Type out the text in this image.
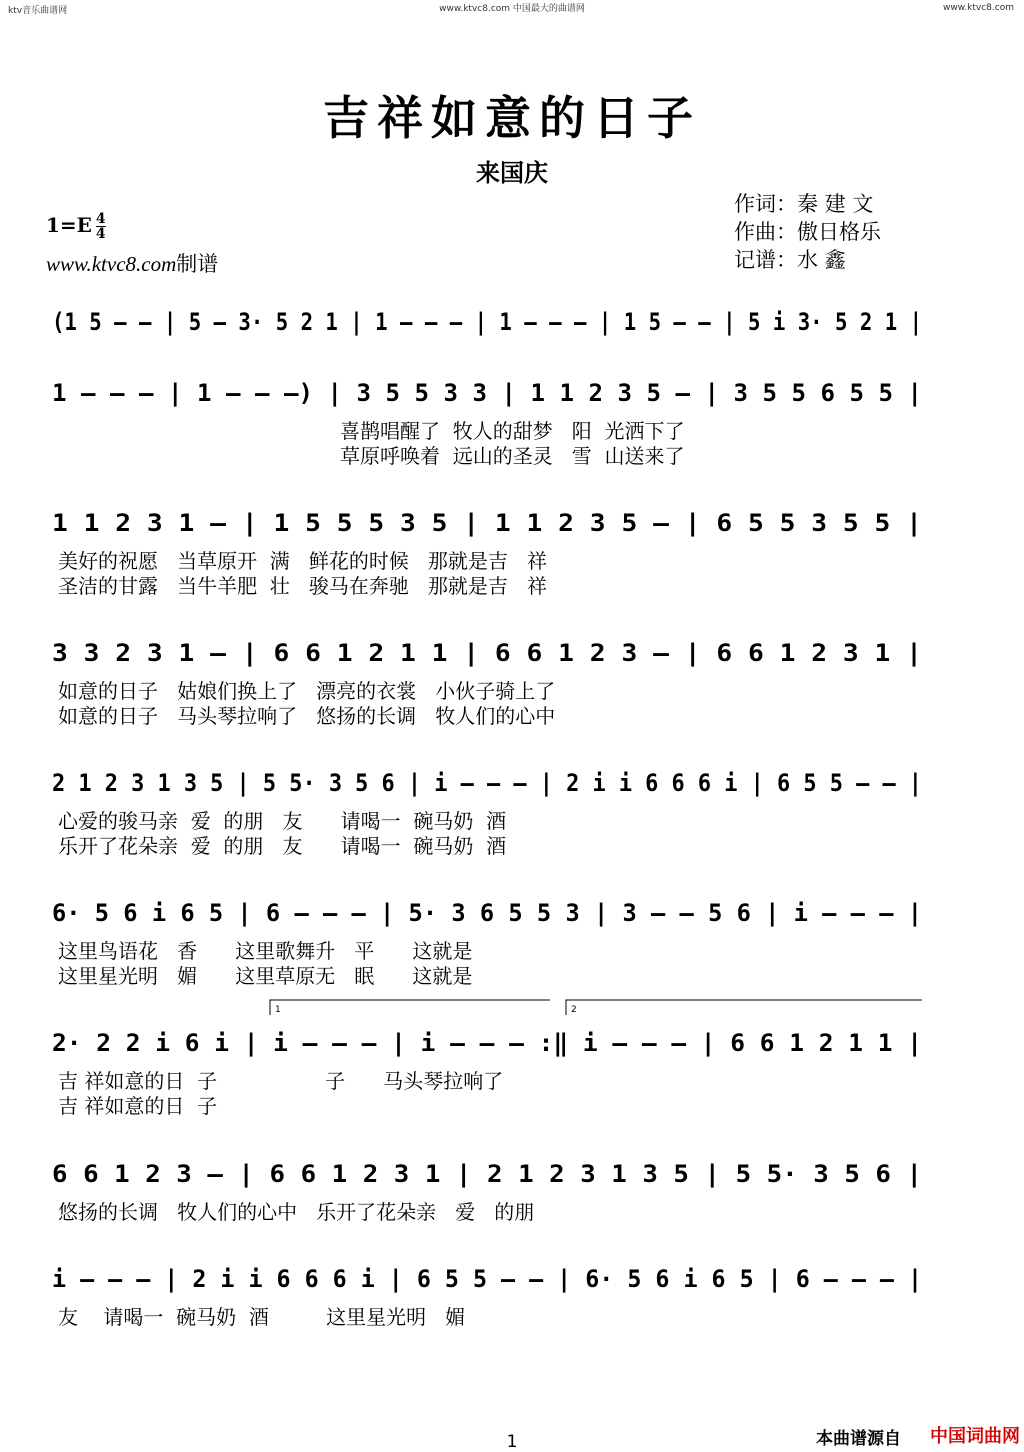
ktv音乐曲谱网	www.ktvc8.com 中国最大的曲谱网	www.ktvc8.com
吉祥如意的日子
来国庆
作词：秦 建 文
作曲：傲日格乐
记谱：水 鑫
$1=E \frac{4}{4}$
www.ktvc8.com制谱
(1 5 – – | 5 – 3· 5 2 1 | 1 – – – | 1 – – – | 1 5 – – | 5 i 3· 5 2 1 |
1 – – – | 1 – – –) | 3 5 5 3 3 | 1 1 2 3 5 – | 3 5 5 6 5 5 |
喜鹊唱醒了  牧人的甜梦   阳  光洒下了
草原呼唤着  远山的圣灵   雪  山送来了
1 1 2 3 1 – | 1 5 5 5 3 5 | 1 1 2 3 5 – | 6 5 5 3 5 5 |
美好的祝愿   当草原开  满   鲜花的时候   那就是吉   祥
圣洁的甘露   当牛羊肥  壮   骏马在奔驰   那就是吉   祥
3 3 2 3 1 – | 6 6 1 2 1 1 | 6 6 1 2 3 – | 6 6 1 2 3 1 |
如意的日子   姑娘们换上了   漂亮的衣裳   小伙子骑上了
如意的日子   马头琴拉响了   悠扬的长调   牧人们的心中
2 1 2 3 1 3 5 | 5 5· 3 5 6 | i – – – | 2 i i 6 6 6 i | 6 5 5 – – |
心爱的骏马亲  爱  的朋   友      请喝一  碗马奶  酒
乐开了花朵亲  爱  的朋   友      请喝一  碗马奶  酒
6· 5 6 i 6 5 | 6 – – – | 5· 3 6 5 5 3 | 3 – – 5 6 | i – – – |
这里鸟语花   香      这里歌舞升   平      这就是
这里星光明   媚      这里草原无   眠      这就是
2· 2 2 i 6 i | i – – – | i – – – :‖ i – – – | 6 6 1 2 1 1 |
吉 祥如意的日  子                 子      马头琴拉响了
吉 祥如意的日  子
6 6 1 2 3 – | 6 6 1 2 3 1 | 2 1 2 3 1 3 5 | 5 5· 3 5 6 |
悠扬的长调   牧人们的心中   乐开了花朵亲   爱   的朋
i – – – | 2 i i 6 6 6 i | 6 5 5 – – | 6· 5 6 i 6 5 | 6 – – – |
友    请喝一  碗马奶  酒         这里星光明   媚
1	2
本曲谱源自 中国词曲网
1
